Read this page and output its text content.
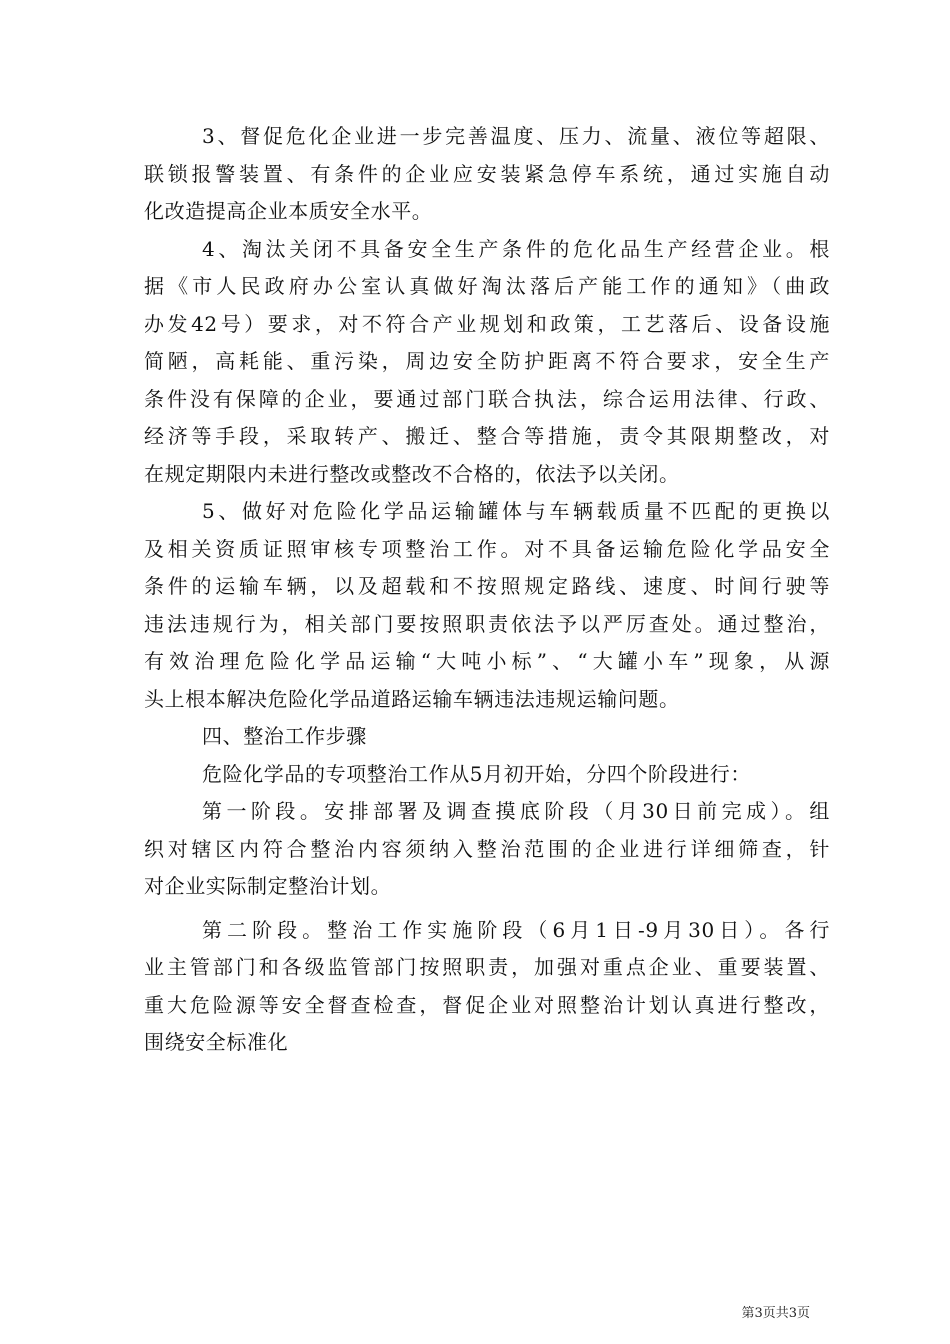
3、督促危化企业进一步完善温度、压力、流量、液位等超限、
联锁报警装置、有条件的企业应安装紧急停车系统，通过实施自动
化改造提高企业本质安全水平。
4、淘汰关闭不具备安全生产条件的危化品生产经营企业。根
据《市人民政府办公室认真做好淘汰落后产能工作的通知》（曲政
办发42号）要求，对不符合产业规划和政策，工艺落后、设备设施
简陋，高耗能、重污染，周边安全防护距离不符合要求，安全生产
条件没有保障的企业，要通过部门联合执法，综合运用法律、行政、
经济等手段，采取转产、搬迁、整合等措施，责令其限期整改，对
在规定期限内未进行整改或整改不合格的，依法予以关闭。
5、做好对危险化学品运输罐体与车辆载质量不匹配的更换以
及相关资质证照审核专项整治工作。对不具备运输危险化学品安全
条件的运输车辆，以及超载和不按照规定路线、速度、时间行驶等
违法违规行为，相关部门要按照职责依法予以严厉查处。通过整治，
有效治理危险化学品运输“大吨小标”、“大罐小车”现象，从源
头上根本解决危险化学品道路运输车辆违法违规运输问题。
四、整治工作步骤
危险化学品的专项整治工作从5月初开始，分四个阶段进行：
第一阶段。安排部署及调查摸底阶段（月30日前完成）。组
织对辖区内符合整治内容须纳入整治范围的企业进行详细筛查，针
对企业实际制定整治计划。
第二阶段。整治工作实施阶段（6月1日-9月30日）。各行
业主管部门和各级监管部门按照职责，加强对重点企业、重要装置、
重大危险源等安全督查检查，督促企业对照整治计划认真进行整改，
围绕安全标准化
第3页共3页
